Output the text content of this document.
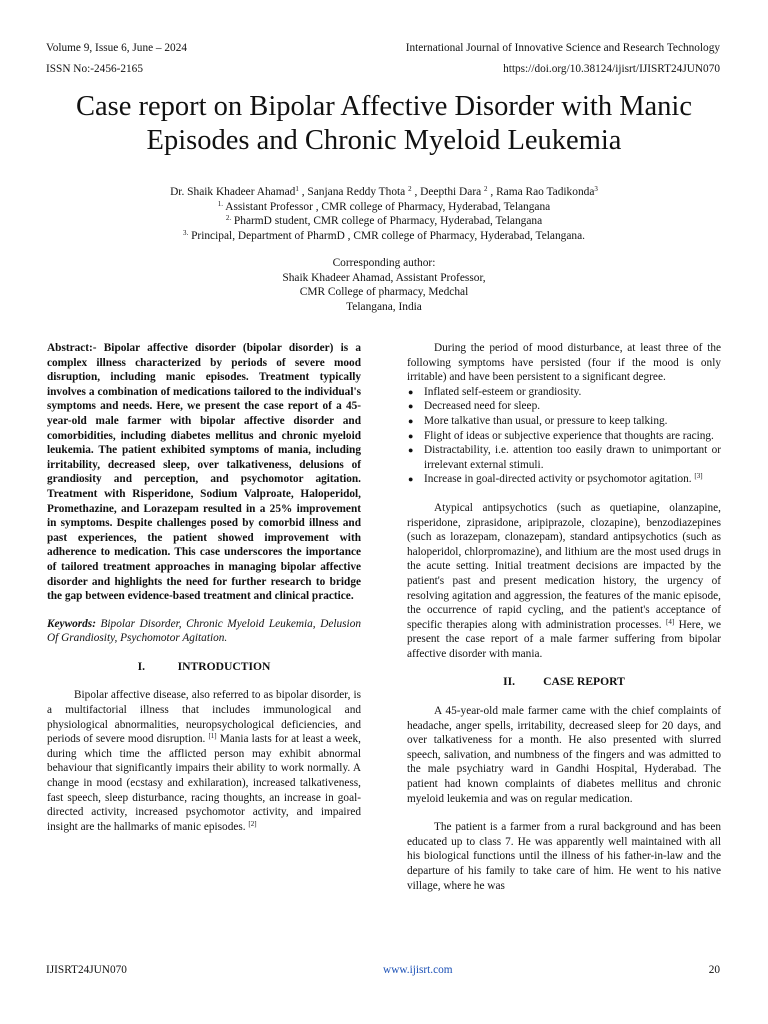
Volume 9, Issue 6, June – 2024	International Journal of Innovative Science and Research Technology
ISSN No:-2456-2165	https://doi.org/10.38124/ijisrt/IJISRT24JUN070
Case report on Bipolar Affective Disorder with Manic
Episodes and Chronic Myeloid Leukemia
Dr. Shaik Khadeer Ahamad$^1$ , Sanjana Reddy Thota $^2$ , Deepthi Dara $^2$ , Rama Rao Tadikonda$^3$
$^{1.}$ Assistant Professor , CMR college of Pharmacy, Hyderabad, Telangana
$^{2.}$ PharmD student, CMR college of Pharmacy, Hyderabad, Telangana
$^{3.}$ Principal, Department of PharmD , CMR college of Pharmacy, Hyderabad, Telangana.
Corresponding author:
Shaik Khadeer Ahamad, Assistant Professor,
CMR College of pharmacy, Medchal
Telangana, India

Abstract:- Bipolar affective disorder (bipolar disorder) is a complex illness characterized by periods of severe mood disruption, including manic episodes. Treatment typically involves a combination of medications tailored to the individual's symptoms and needs. Here, we present the case report of a 45-year-old male farmer with bipolar affective disorder and comorbidities, including diabetes mellitus and chronic myeloid leukemia. The patient exhibited symptoms of mania, including irritability, decreased sleep, over talkativeness, delusions of grandiosity and perception, and psychomotor agitation. Treatment with Risperidone, Sodium Valproate, Haloperidol, Promethazine, and Lorazepam resulted in a 25% improvement in symptoms. Despite challenges posed by comorbid illness and past experiences, the patient showed improvement with adherence to medication. This case underscores the importance of tailored treatment approaches in managing bipolar affective disorder and highlights the need for further research to bridge the gap between evidence-based treatment and clinical practice.

Keywords: Bipolar Disorder, Chronic Myeloid Leukemia, Delusion Of Grandiosity, Psychomotor Agitation.

I.	INTRODUCTION

Bipolar affective disease, also referred to as bipolar disorder, is a multifactorial illness that includes immunological and physiological abnormalities, neuropsychological deficiencies, and periods of severe mood disruption. [1] Mania lasts for at least a week, during which time the afflicted person may exhibit abnormal behaviour that significantly impairs their ability to work normally. A change in mood (ecstasy and exhilaration), increased talkativeness, fast speech, sleep disturbance, racing thoughts, an increase in goal-directed activity, increased psychomotor activity, and impaired insight are the hallmarks of manic episodes. [2]

During the period of mood disturbance, at least three of the following symptoms have persisted (four if the mood is only irritable) and have been persistent to a significant degree.

● Inflated self-esteem or grandiosity.
● Decreased need for sleep.
● More talkative than usual, or pressure to keep talking.
● Flight of ideas or subjective experience that thoughts are racing.
● Distractability, i.e. attention too easily drawn to unimportant or irrelevant external stimuli.
● Increase in goal-directed activity or psychomotor agitation. [3]

Atypical antipsychotics (such as quetiapine, olanzapine, risperidone, ziprasidone, aripiprazole, clozapine), benzodiazepines (such as lorazepam, clonazepam), standard antipsychotics (such as haloperidol, chlorpromazine), and lithium are the most used drugs in the acute setting. Initial treatment decisions are impacted by the patient's past and present medication history, the urgency of resolving agitation and aggression, the features of the manic episode, the occurrence of rapid cycling, and the patient's acceptance of specific therapies along with administration processes. [4] Here, we present the case report of a male farmer suffering from bipolar affective disorder with mania.

II. CASE REPORT

A 45-year-old male farmer came with the chief complaints of headache, anger spells, irritability, decreased sleep for 20 days, and over talkativeness for a month. He also presented with slurred speech, salivation, and numbness of the fingers and was admitted to the male psychiatry ward in Gandhi Hospital, Hyderabad. The patient had known complaints of diabetes mellitus and chronic myeloid leukemia and was on regular medication.

The patient is a farmer from a rural background and has been educated up to class 7. He was apparently well maintained with all his biological functions until the illness of his father-in-law and the departure of his family to take care of him. He went to his native village, where he was

IJISRT24JUN070	www.ijisrt.com	20
